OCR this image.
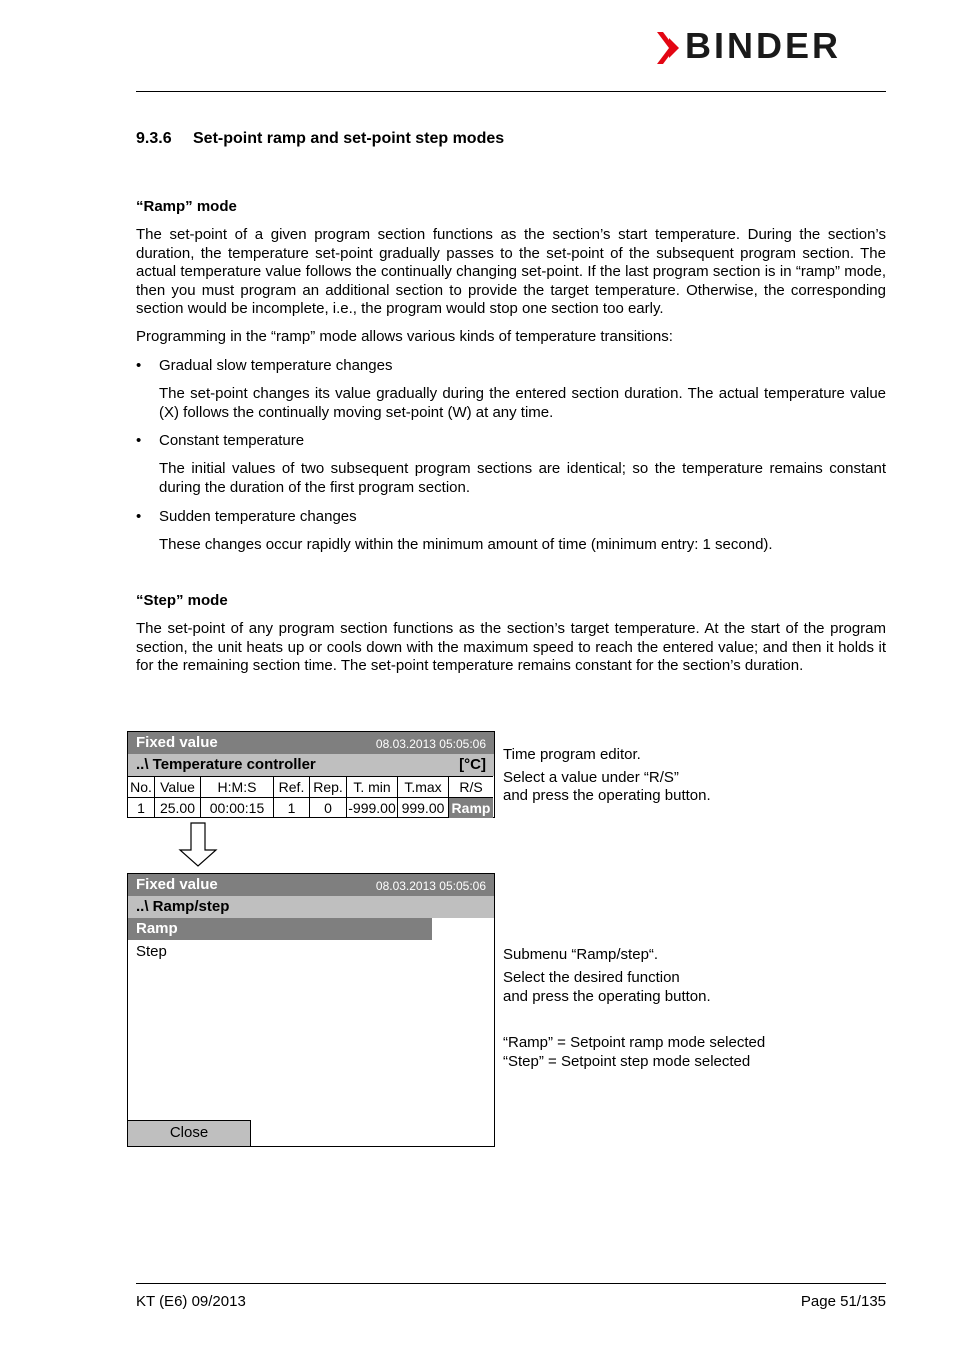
BINDER
9.3.6 Set-point ramp and set-point step modes
“Ramp” mode
The set-point of a given program section functions as the section’s start temperature. During the section’s duration, the temperature set-point gradually passes to the set-point of the subsequent program section. The actual temperature value follows the continually changing set-point. If the last program section is in “ramp” mode, then you must program an additional section to provide the target temperature. Otherwise, the corresponding section would be incomplete, i.e., the program would stop one section too early.
Programming in the “ramp” mode allows various kinds of temperature transitions:
• Gradual slow temperature changes
The set-point changes its value gradually during the entered section duration. The actual temperature value (X) follows the continually moving set-point (W) at any time.
• Constant temperature
The initial values of two subsequent program sections are identical; so the temperature remains constant during the duration of the first program section.
• Sudden temperature changes
These changes occur rapidly within the minimum amount of time (minimum entry: 1 second).
“Step” mode
The set-point of any program section functions as the section’s target temperature. At the start of the program section, the unit heats up or cools down with the maximum speed to reach the entered value; and then it holds it for the remaining section time. The set-point temperature remains constant for the section’s duration.
Fixed value	08.03.2013 05:05:06
..\ Temperature controller	[°C]
No.	Value	H:M:S	Ref.	Rep.	T. min	T.max	R/S
1	25.00	00:00:15	1	0	-999.00	999.00	Ramp
Fixed value	08.03.2013 05:05:06
..\ Ramp/step
Ramp
Step
Close
Time program editor.
Select a value under “R/S”
and press the operating button.
Submenu “Ramp/step“.
Select the desired function
and press the operating button.
“Ramp” = Setpoint ramp mode selected
“Step” = Setpoint step mode selected
KT (E6) 09/2013	Page 51/135
